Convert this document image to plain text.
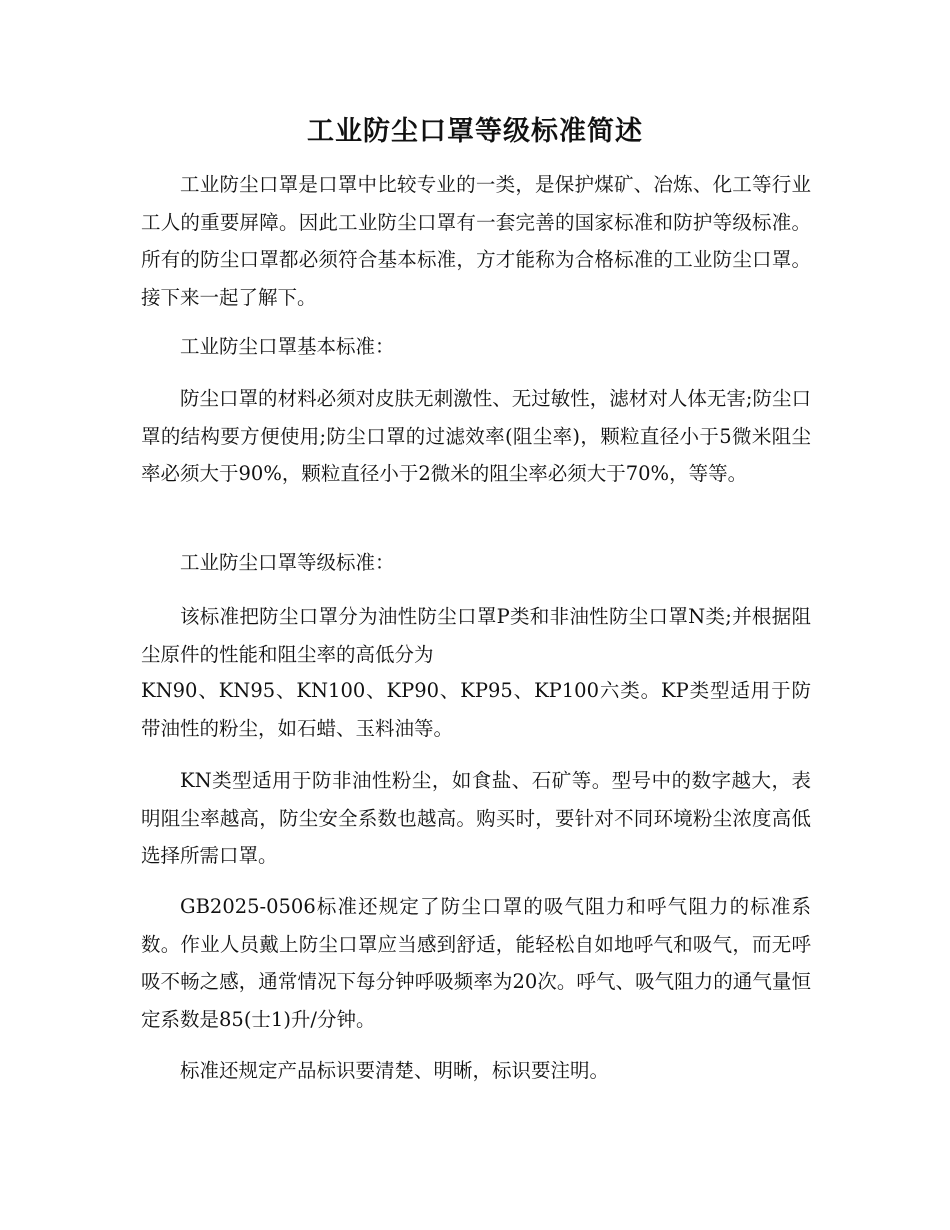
工业防尘口罩等级标准简述

工业防尘口罩是口罩中比较专业的一类，是保护煤矿、冶炼、化工等行业工人的重要屏障。因此工业防尘口罩有一套完善的国家标准和防护等级标准。所有的防尘口罩都必须符合基本标准，方才能称为合格标准的工业防尘口罩。接下来一起了解下。

工业防尘口罩基本标准：

防尘口罩的材料必须对皮肤无刺激性、无过敏性，滤材对人体无害;防尘口罩的结构要方便使用;防尘口罩的过滤效率(阻尘率)，颗粒直径小于5微米阻尘率必须大于90%，颗粒直径小于2微米的阻尘率必须大于70%，等等。

工业防尘口罩等级标准：

该标准把防尘口罩分为油性防尘口罩P类和非油性防尘口罩N类;并根据阻尘原件的性能和阻尘率的高低分为

KN90、KN95、KN100、KP90、KP95、KP100六类。KP类型适用于防带油性的粉尘，如石蜡、玉料油等。

KN类型适用于防非油性粉尘，如食盐、石矿等。型号中的数字越大，表明阻尘率越高，防尘安全系数也越高。购买时，要针对不同环境粉尘浓度高低选择所需口罩。

GB2025-0506标准还规定了防尘口罩的吸气阻力和呼气阻力的标准系数。作业人员戴上防尘口罩应当感到舒适，能轻松自如地呼气和吸气，而无呼吸不畅之感，通常情况下每分钟呼吸频率为20次。呼气、吸气阻力的通气量恒定系数是85(士1)升/分钟。

标准还规定产品标识要清楚、明晰，标识要注明。
